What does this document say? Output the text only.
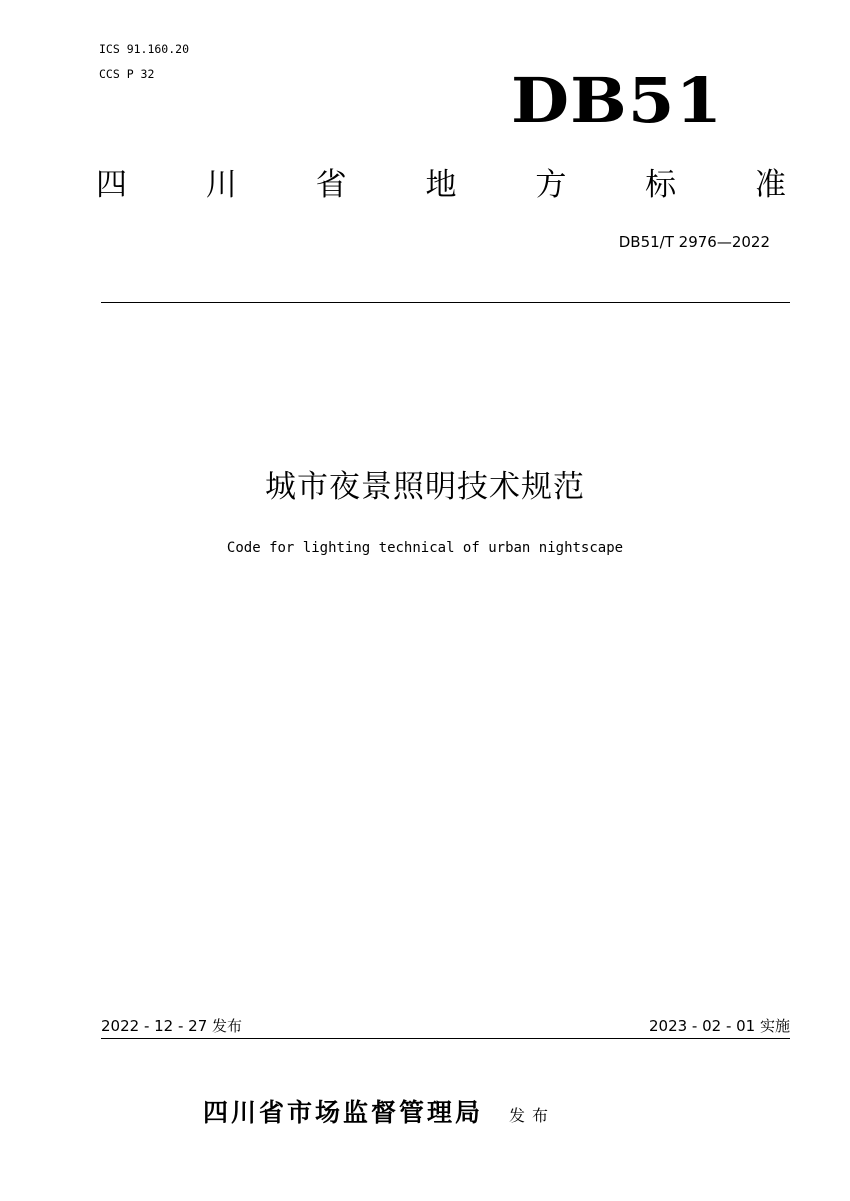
ICS 91.160.20
CCS P 32	DB51
四	川	省	地	方	标	准
DB51/T 2976—2022
城市夜景照明技术规范
Code for lighting technical of urban nightscape
2022 - 12 - 27 发布	2023 - 02 - 01 实施
四川省市场监督管理局 发布
